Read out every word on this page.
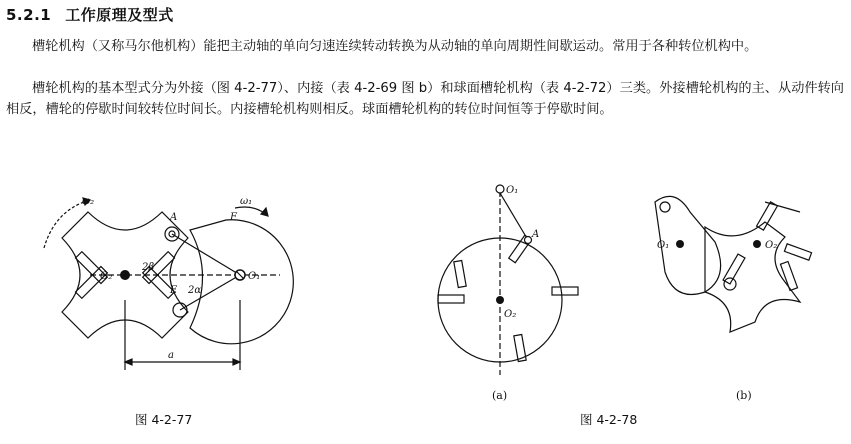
5.2.1 工作原理及型式
槽轮机构（又称马尔他机构）能把主动轴的单向匀速连续转动转换为从动轴的单向周期性间歇运动。常用于各种转位机构中。
槽轮机构的基本型式分为外接（图 4-2-77）、内接（表 4-2-69 图 b）和球面槽轮机构（表 4-2-72）三类。外接槽轮机构的主、从动件转向相反，槽轮的停歇时间较转位时间长。内接槽轮机构则相反。球面槽轮机构的转位时间恒等于停歇时间。
ω₂	ω₁
A	F
O₂	O₁
2β
E 2α
a
图 4-2-77
O₁
A
O₂
(a)
O₁	O₂
(b)
图 4-2-78
